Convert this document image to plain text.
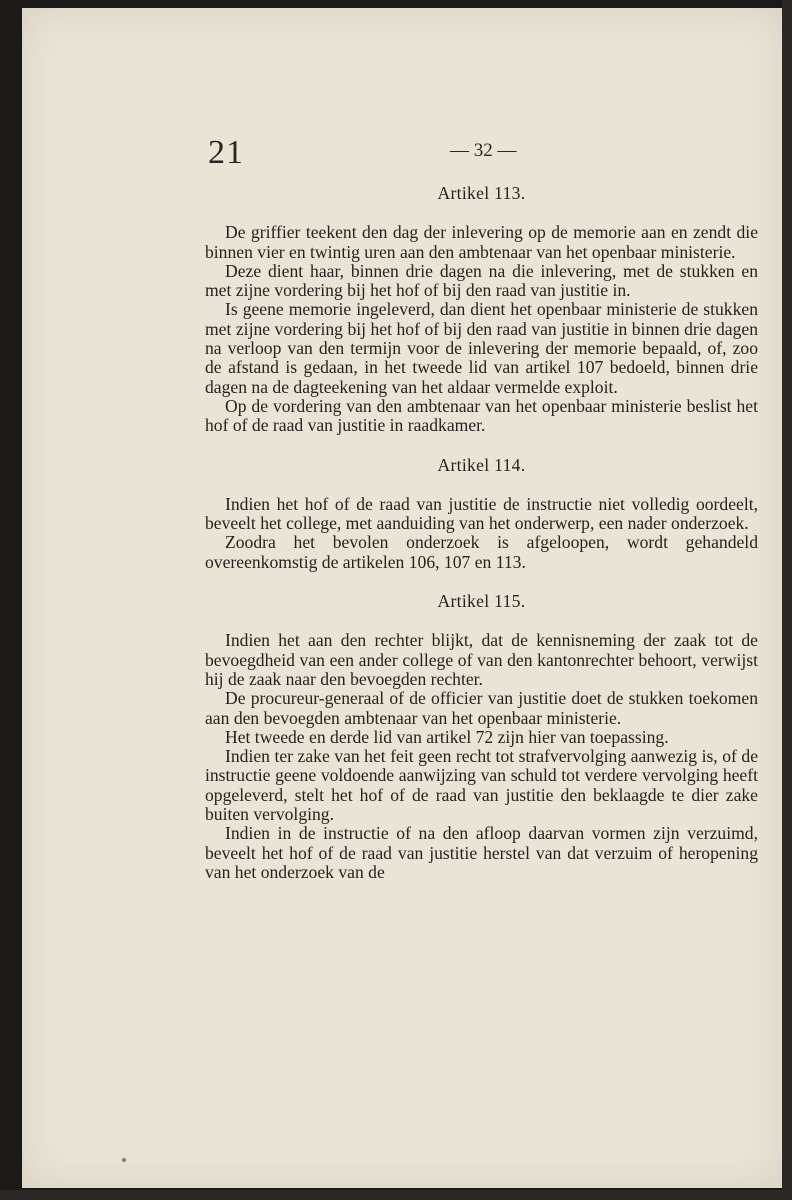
21	— 32 —
Artikel 113.

De griffier teekent den dag der inlevering op de memorie aan en zendt die binnen vier en twintig uren aan den ambtenaar van het openbaar ministerie.

Deze dient haar, binnen drie dagen na die inlevering, met de stukken en met zijne vordering bij het hof of bij den raad van justitie in.

Is geene memorie ingeleverd, dan dient het openbaar ministerie de stukken met zijne vordering bij het hof of bij den raad van justitie in binnen drie dagen na verloop van den termijn voor de inlevering der memorie bepaald, of, zoo de afstand is gedaan, in het tweede lid van artikel 107 bedoeld, binnen drie dagen na de dagteekening van het aldaar vermelde exploit.

Op de vordering van den ambtenaar van het openbaar ministerie beslist het hof of de raad van justitie in raadkamer.

Artikel 114.

Indien het hof of de raad van justitie de instructie niet volledig oordeelt, beveelt het college, met aanduiding van het onderwerp, een nader onderzoek.

Zoodra het bevolen onderzoek is afgeloopen, wordt gehandeld overeenkomstig de artikelen 106, 107 en 113.

Artikel 115.

Indien het aan den rechter blijkt, dat de kennisneming der zaak tot de bevoegdheid van een ander college of van den kantonrechter behoort, verwijst hij de zaak naar den bevoegden rechter.

De procureur-generaal of de officier van justitie doet de stukken toekomen aan den bevoegden ambtenaar van het openbaar ministerie.

Het tweede en derde lid van artikel 72 zijn hier van toepassing.

Indien ter zake van het feit geen recht tot strafvervolging aanwezig is, of de instructie geene voldoende aanwijzing van schuld tot verdere vervolging heeft opgeleverd, stelt het hof of de raad van justitie den beklaagde te dier zake buiten vervolging.

Indien in de instructie of na den afloop daarvan vormen zijn verzuimd, beveelt het hof of de raad van justitie herstel van dat verzuim of heropening van het onderzoek van de
